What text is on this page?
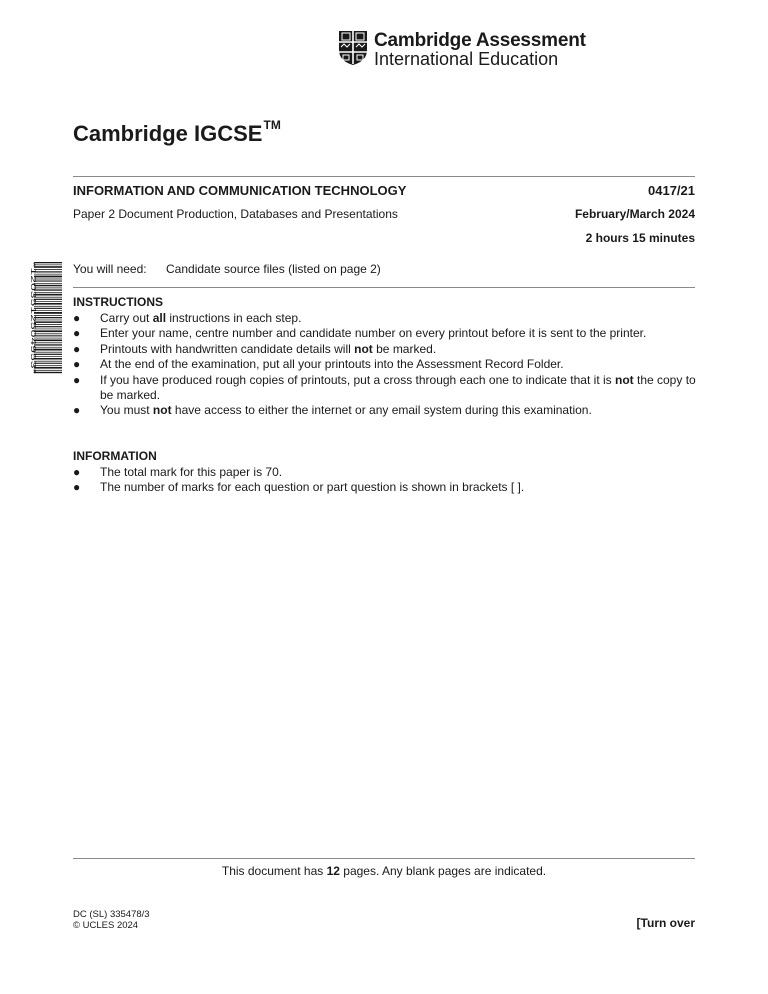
Cambridge Assessment
International Education
Cambridge IGCSE™
INFORMATION AND COMMUNICATION TECHNOLOGY	0417/21
Paper 2 Document Production, Databases and Presentations	February/March 2024
2 hours 15 minutes
*1203512504953*	You will need: Candidate source files (listed on page 2)
INSTRUCTIONS
● Carry out all instructions in each step.
● Enter your name, centre number and candidate number on every printout before it is sent to the printer.
● Printouts with handwritten candidate details will not be marked.
● At the end of the examination, put all your printouts into the Assessment Record Folder.
● If you have produced rough copies of printouts, put a cross through each one to indicate that it is not the copy to be marked.
● You must not have access to either the internet or any email system during this examination.
INFORMATION
● The total mark for this paper is 70.
● The number of marks for each question or part question is shown in brackets [ ].
This document has 12 pages. Any blank pages are indicated.
DC (SL) 335478/3
© UCLES 2024	[Turn over
